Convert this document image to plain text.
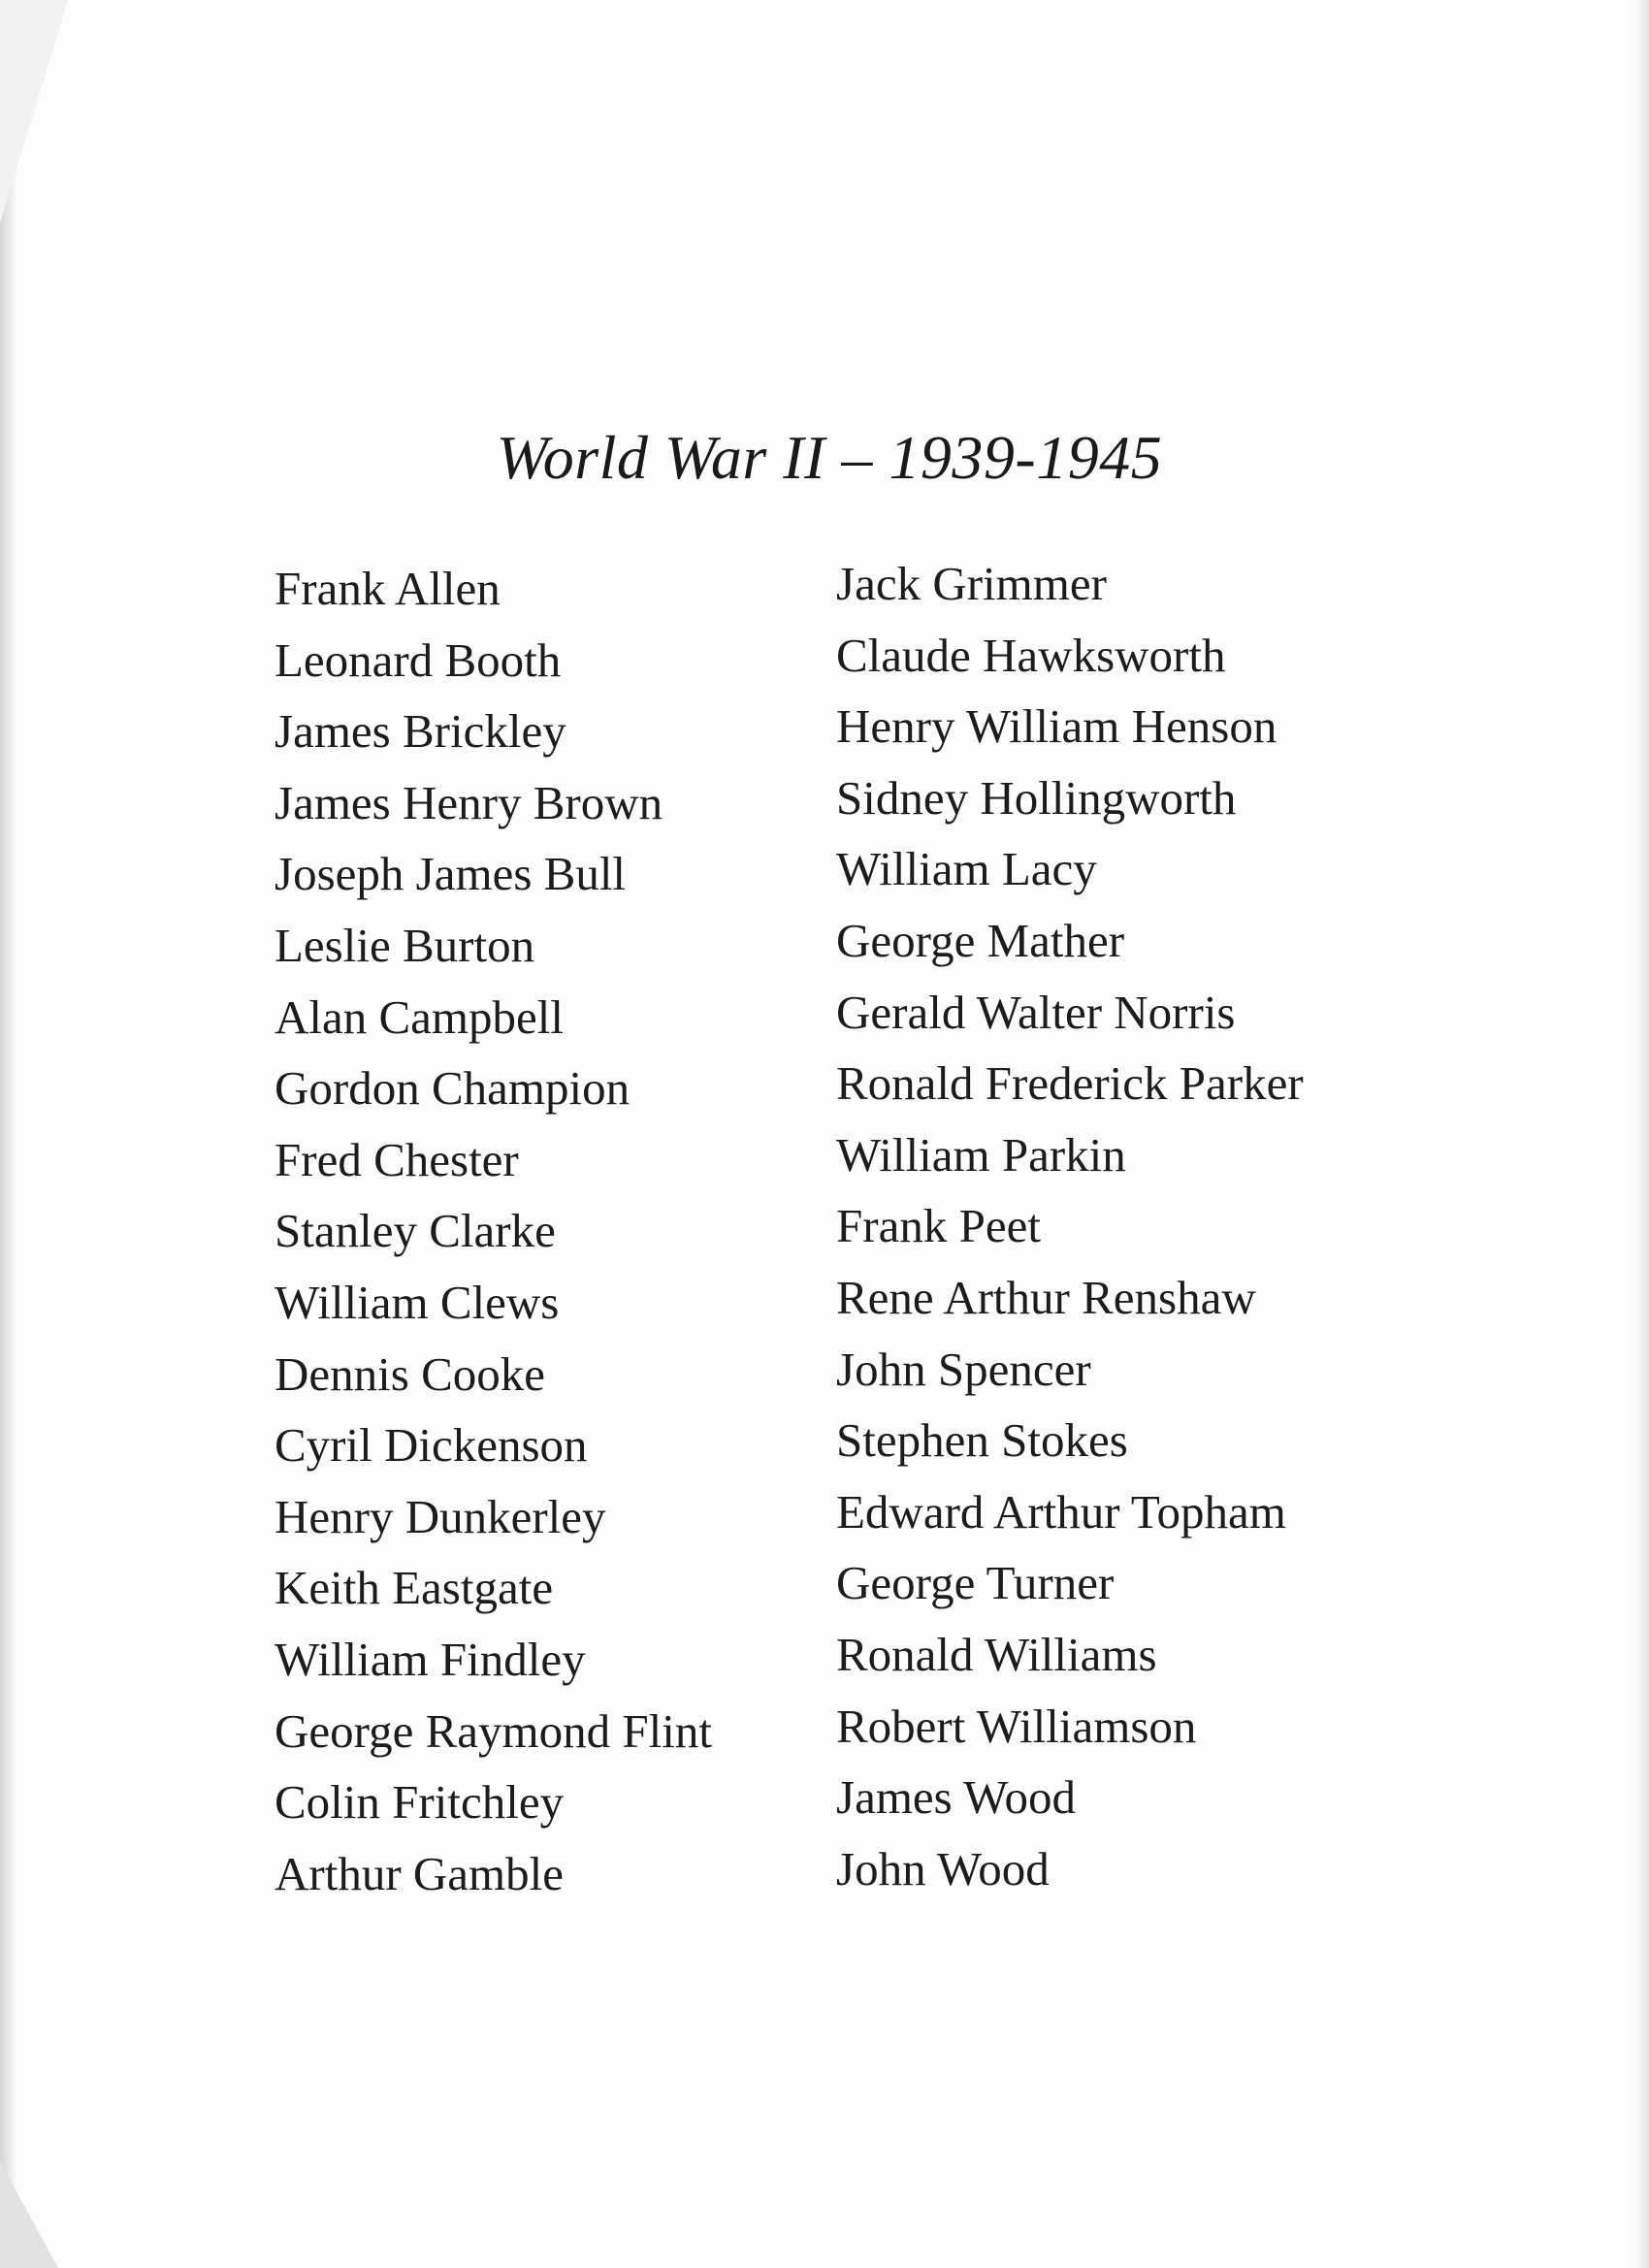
World War II – 1939-1945
Frank Allen
Leonard Booth
James Brickley
James Henry Brown
Joseph James Bull
Leslie Burton
Alan Campbell
Gordon Champion
Fred Chester
Stanley Clarke
William Clews
Dennis Cooke
Cyril Dickenson
Henry Dunkerley
Keith Eastgate
William Findley
George Raymond Flint
Colin Fritchley
Arthur Gamble
Jack Grimmer
Claude Hawksworth
Henry William Henson
Sidney Hollingworth
William Lacy
George Mather
Gerald Walter Norris
Ronald Frederick Parker
William Parkin
Frank Peet
Rene Arthur Renshaw
John Spencer
Stephen Stokes
Edward Arthur Topham
George Turner
Ronald Williams
Robert Williamson
James Wood
John Wood
